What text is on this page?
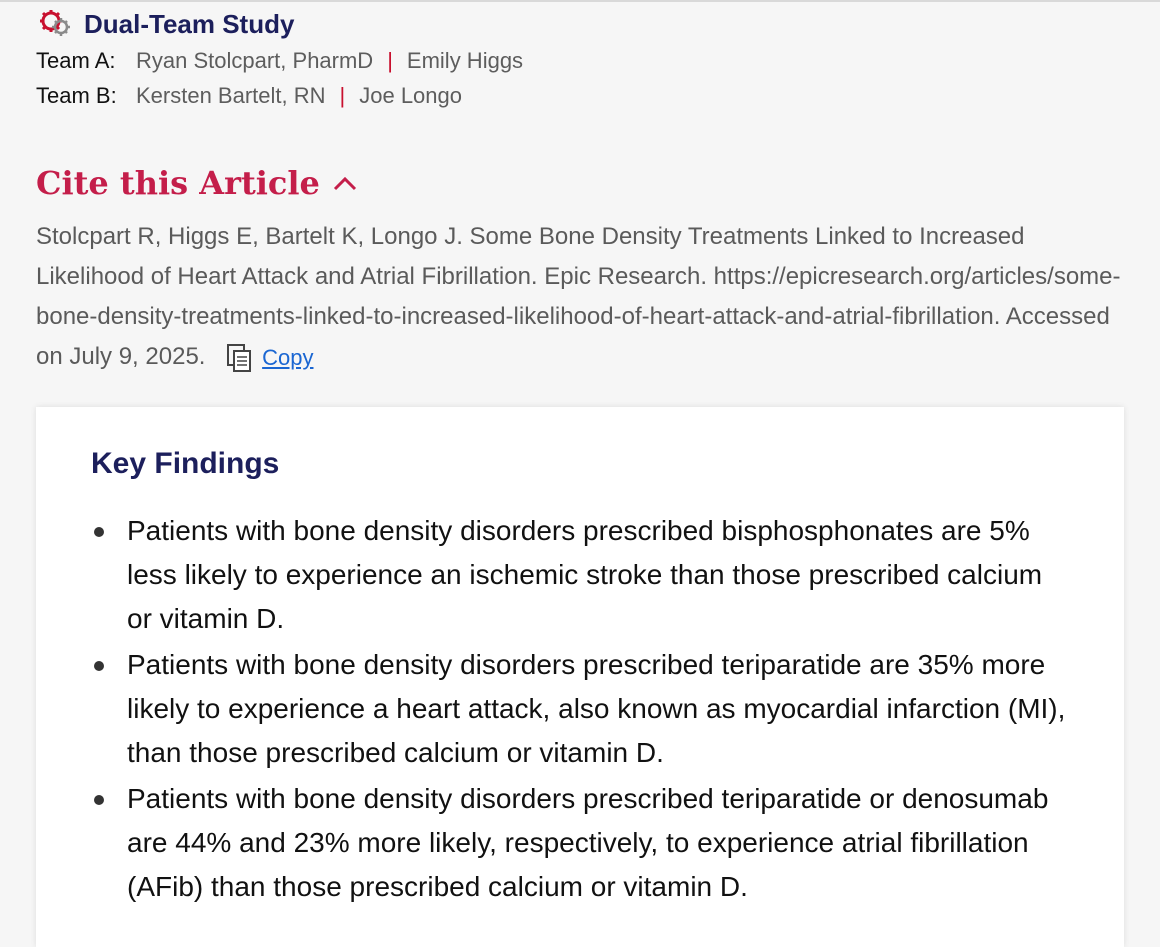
Dual-Team Study
Team A: Ryan Stolcpart, PharmD | Emily Higgs
Team B: Kersten Bartelt, RN | Joe Longo
Cite this Article
Stolcpart R, Higgs E, Bartelt K, Longo J. Some Bone Density Treatments Linked to Increased Likelihood of Heart Attack and Atrial Fibrillation. Epic Research. https://epicresearch.org/articles/some-bone-density-treatments-linked-to-increased-likelihood-of-heart-attack-and-atrial-fibrillation. Accessed on July 9, 2025.	Copy
Key Findings
Patients with bone density disorders prescribed bisphosphonates are 5% less likely to experience an ischemic stroke than those prescribed calcium or vitamin D.
Patients with bone density disorders prescribed teriparatide are 35% more likely to experience a heart attack, also known as myocardial infarction (MI), than those prescribed calcium or vitamin D.
Patients with bone density disorders prescribed teriparatide or denosumab are 44% and 23% more likely, respectively, to experience atrial fibrillation (AFib) than those prescribed calcium or vitamin D.
